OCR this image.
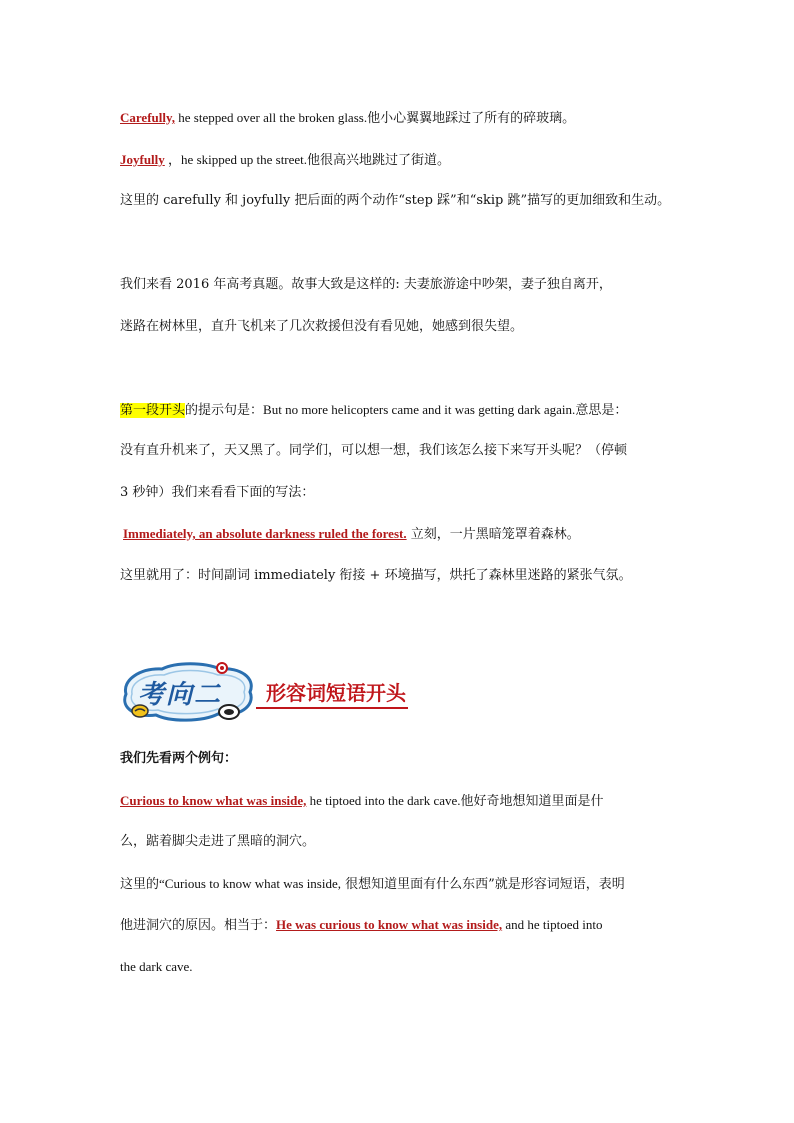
Carefully, he stepped over all the broken glass.他小心翼翼地踩过了所有的碎玻璃。
Joyfully ，he skipped up the street.他很高兴地跳过了街道。
这里的 carefully 和 joyfully 把后面的两个动作“step 踩”和“skip 跳”描写的更加细致和生动。
我们来看 2016 年高考真题。故事大致是这样的: 夫妻旅游途中吵架，妻子独自离开，
迷路在树林里，直升飞机来了几次救援但没有看见她，她感到很失望。
第一段开头的提示句是：But no more helicopters came and it was getting dark again.意思是：
没有直升机来了，天又黑了。同学们，可以想一想，我们该怎么接下来写开头呢？（停顿
3 秒钟）我们来看看下面的写法：
Immediately, an absolute darkness ruled the forest. 立刻，一片黑暗笼罩着森林。
这里就用了：时间副词 immediately 衔接 + 环境描写，烘托了森林里迷路的紧张气氛。
考向二	形容词短语开头
我们先看两个例句：
Curious to know what was inside, he tiptoed into the dark cave.他好奇地想知道里面是什
么，踮着脚尖走进了黑暗的洞穴。
这里的“Curious to know what was inside, 很想知道里面有什么东西”就是形容词短语，表明
他进洞穴的原因。相当于：He was curious to know what was inside, and he tiptoed into
the dark cave.
